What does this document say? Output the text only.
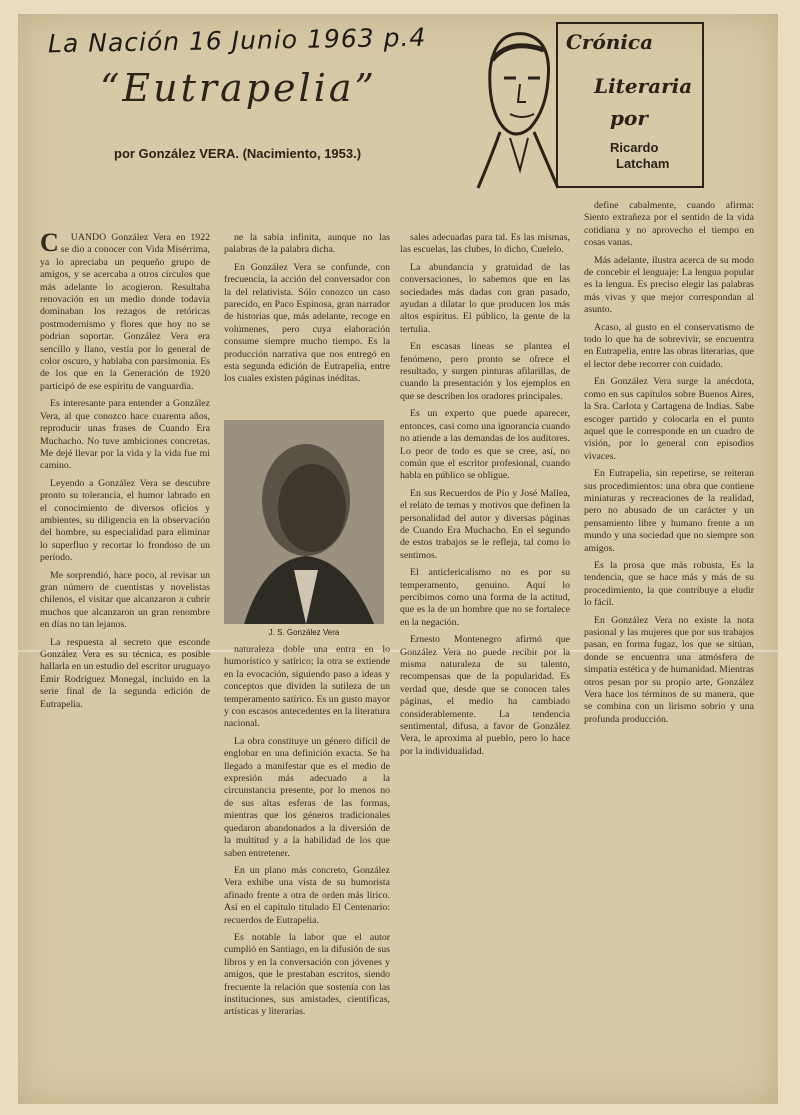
La Nación 16 Junio 1963 p.4
“Eutrapelia”
por González VERA. (Nacimiento, 1953.)
Crónica
Literaria
por
Ricardo
Latcham
C	UANDO González Vera en 1922 se dio a conocer con Vida Mísérrima, ya lo apreciaba un pequeño grupo de amigos, y se acercaba a otros círculos que más adelante lo acogieron. Resultaba renovación en un medio donde todavía dominaban los rezagos de retóricas postmodernismo y flores que hoy no se podrían soportar. González Vera era sencillo y llano, vestía por lo general de color oscuro, y hablaba con parsimonia. Es de los que en la Generación de 1920 participó de ese espíritu de vanguardia.

Es interesante para entender a González Vera, al que conozco hace cuarenta años, reproducir unas frases de Cuando Era Muchacho. No tuve ambiciones concretas. Me dejé llevar por la vida y la vida fue mi camino.

Leyendo a González Vera se descubre pronto su tolerancia, el humor labrado en el conocimiento de diversos oficios y ambientes, su diligencia en la observación del hombre, su especialidad para eliminar lo superfluo y recortar lo frondoso de un período.

Me sorprendió, hace poco, al revisar un gran número de cuentistas y novelistas chilenos, el visitar que alcanzaron a cubrir muchos que alcanzaron un gran renombre en días no tan lejanos.

La respuesta al secreto que esconde González Vera es su técnica, es posible hallarla en un estudio del escritor uruguayo Emir Rodríguez Monegal, incluido en la serie final de la segunda edición de Eutrapelia.

ne la sabia infinita, aunque no las palabras de la palabra dicha.

En González Vera se confunde, con frecuencia, la acción del conversador con la del relativista. Sólo conozco un caso parecido, en Paco Espinosa, gran narrador de historias que, más adelante, recoge en volúmenes, pero cuya elaboración consume siempre mucho tiempo. Es la producción narrativa que nos entregó en esta segunda edición de Eutrapelia, entre los cuales existen páginas inéditas.

J. S. González Vera

naturaleza doble una entra en lo humorístico y satírico; la otra se extiende en la evocación, siguiendo paso a ideas y conceptos que dividen la sutileza de un temperamento satírico. Es un gusto mayor y con escasos antecedentes en la literatura nacional.

La obra constituye un género difícil de englobar en una definición exacta. Se ha llegado a manifestar que es el medio de expresión más adecuado a la circunstancia presente, por lo menos no de sus altas esferas de las formas, mientras que los géneros tradicionales quedaron abandonados a la diversión de la multitud y a la habilidad de los que saben entretener.

En un plano más concreto, González Vera exhibe una vista de su humorista afinado frente a otra de orden más lírico. Así en el capítulo titulado El Centenario: recuerdos de Eutrapelia.

Es notable la labor que el autor cumplió en Santiago, en la difusión de sus libros y en la conversación con jóvenes y amigos, que le prestaban escritos, siendo frecuente la relación que sostenía con las instituciones, sus amistades, científicas, artísticas y literarias.

sales adecuadas para tal. Es las mismas, las escuelas, las clubes, lo dicho, Cuelelo.

La abundancia y gratuidad de las conversaciones, lo sabemos que en las sociedades más dadas con gran pasado, ayudan a dilatar lo que producen los más altos espíritus. El público, la gente de la tertulia.

En escasas líneas se plantea el fenómeno, pero pronto se ofrece el resultado, y surgen pinturas afilarillas, de cuando la presentación y los ejemplos en que se describen los oradores principales.

Es un experto que puede aparecer, entonces, casi como una ignorancia cuando no atiende a las demandas de los auditores. Lo peor de todo es que se cree, así, no común que el escritor profesional, cuando habla en público se obligue.

En sus Recuerdos de Pío y José Mallea, el relato de temas y motivos que definen la personalidad del autor y diversas páginas de Cuando Era Muchacho. En el segundo de estos trabajos se le refleja, tal como lo sentimos.

El anticlericalismo no es por su temperamento, genuino. Aquí lo percibimos como una forma de la actitud, que es la de un hombre que no se fortalece en la negación.

Ernesto Montenegro afirmó que González Vera no puede recibir por la misma naturaleza de su talento, recompensas que de la popularidad. Es verdad que, desde que se conocen tales páginas, el medio ha cambiado considerablemente. La tendencia sentimental, difusa, a favor de González Vera, le aproxima al pueblo, pero lo hace por la individualidad.

define cabalmente, cuando afirma: Siento extrañeza por el sentido de la vida cotidiana y no aprovecho el tiempo en cosas vanas.

Más adelante, ilustra acerca de su modo de concebir el lenguaje: La lengua popular es la lengua. Es preciso elegir las palabras más vivas y que mejor correspondan al asunto.

Acaso, al gusto en el conservatismo de todo lo que ha de sobrevivir, se encuentra en Eutrapelia, entre las obras literarias, que el lector debe recorrer con cuidado.

En González Vera surge la anécdota, como en sus capítulos sobre Buenos Aires, la Sra. Carlota y Cartagena de Indias. Sabe escoger partido y colocarla en el punto aquel que le corresponde en un cuadro de visión, por lo general con episodios vivaces.

En Eutrapelia, sin repetirse, se reiteran sus procedimientos: una obra que contiene miniaturas y recreaciones de la realidad, pero no abusado de un carácter y un pensamiento libre y humano frente a un mundo y una sociedad que no siempre son amigos.

Es la prosa que más robusta, Es la tendencia, que se hace más y más de su procedimiento, la que contribuye a eludir lo fácil.

En González Vera no existe la nota pasional y las mujeres que por sus trabajos pasan, en forma fugaz, los que se sitúan, donde se encuentra una atmósfera de simpatía estética y de humanidad. Mientras otros pesan por su propio arte, González Vera hace los términos de su manera, que se combina con un lirismo sobrio y una profunda producción.
